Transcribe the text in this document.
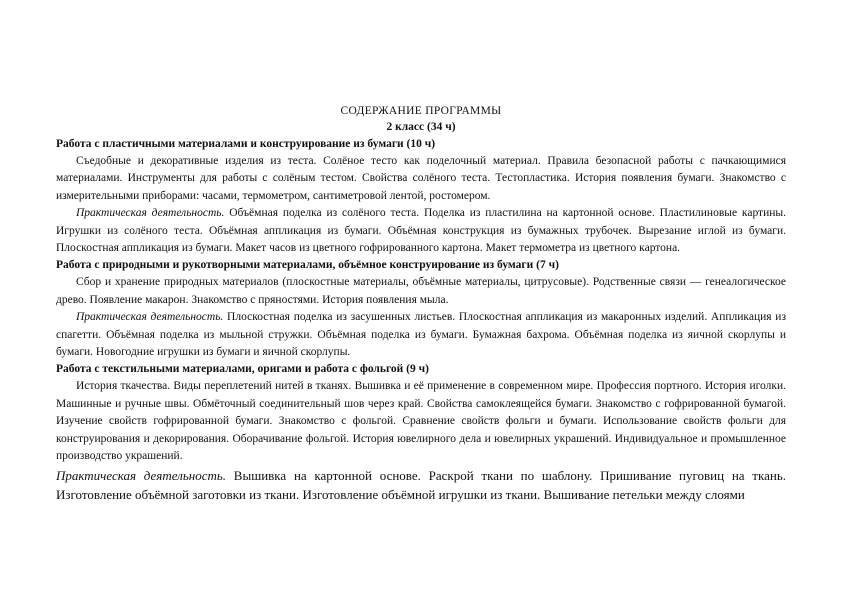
СОДЕРЖАНИЕ ПРОГРАММЫ
2 класс (34 ч)
Работа с пластичными материалами и конструирование из бумаги (10 ч)

Съедобные и декоративные изделия из теста. Солёное тесто как поделочный материал. Правила безопасной работы с пачкающимися материалами. Инструменты для работы с солёным тестом. Свойства солёного теста. Тестопластика. История появления бумаги. Знакомство с измерительными приборами: часами, термометром, сантиметровой лентой, ростомером.

Практическая деятельность. Объёмная поделка из солёного теста. Поделка из пластилина на картонной основе. Пластилиновые картины. Игрушки из солёного теста. Объёмная аппликация из бумаги. Объёмная конструкция из бумажных трубочек. Вырезание иглой из бумаги. Плоскостная аппликация из бумаги. Макет часов из цветного гофрированного картона. Макет термометра из цветного картона.

Работа с природными и рукотворными материалами, объёмное конструирование из бумаги (7 ч)

Сбор и хранение природных материалов (плоскостные материалы, объёмные материалы, цитрусовые). Родственные связи — генеалогическое древо. Появление макарон. Знакомство с пряностями. История появления мыла.

Практическая деятельность. Плоскостная поделка из засушенных листьев. Плоскостная аппликация из макаронных изделий. Аппликация из спагетти. Объёмная поделка из мыльной стружки. Объёмная поделка из бумаги. Бумажная бахрома. Объёмная поделка из яичной скорлупы и бумаги. Новогодние игрушки из бумаги и яичной скорлупы.

Работа с текстильными материалами, оригами и работа с фольгой (9 ч)

История ткачества. Виды переплетений нитей в тканях. Вышивка и её применение в современном мире. Профессия портного. История иголки. Машинные и ручные швы. Обмёточный соединительный шов через край. Свойства самоклеящейся бумаги. Знакомство с гофрированной бумагой. Изучение свойств гофрированной бумаги. Знакомство с фольгой. Сравнение свойств фольги и бумаги. Использование свойств фольги для конструирования и декорирования. Оборачивание фольгой. История ювелирного дела и ювелирных украшений. Индивидуальное и промышленное производство украшений.

Практическая деятельность. Вышивка на картонной основе. Раскрой ткани по шаблону. Пришивание пуговиц на ткань. Изготовление объёмной заготовки из ткани. Изготовление объёмной игрушки из ткани. Вышивание петельки между слоями
